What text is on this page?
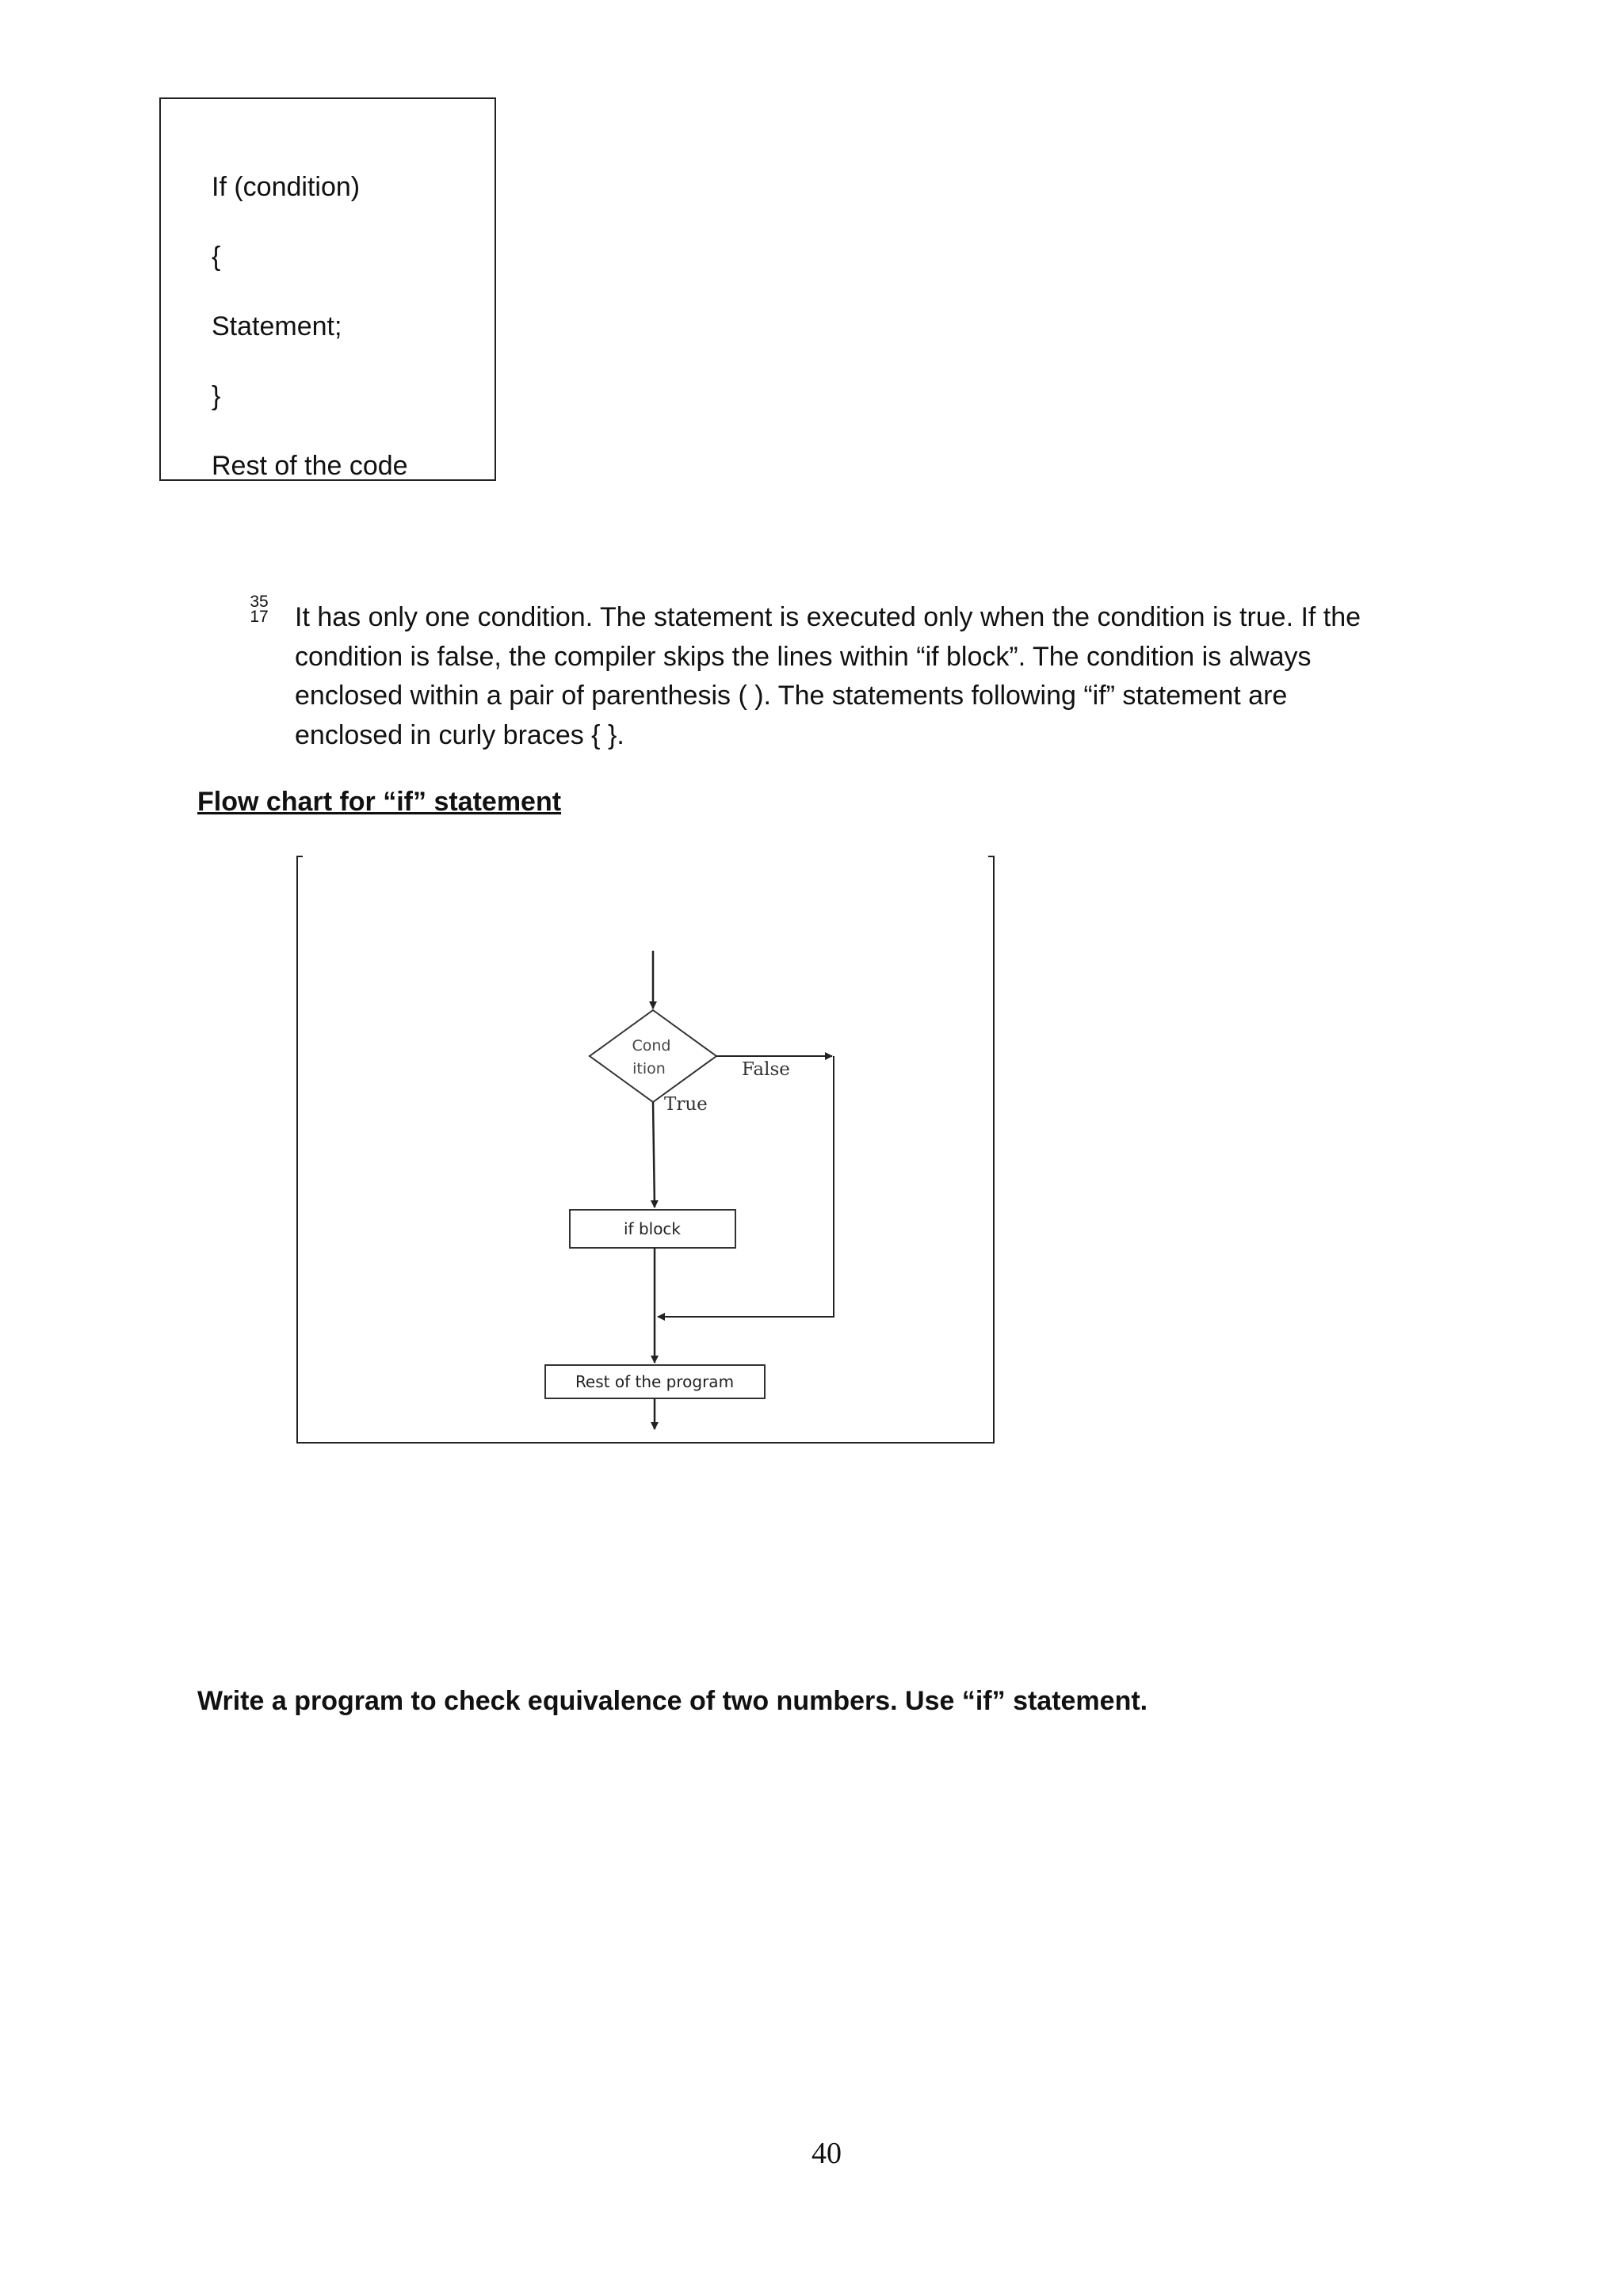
If (condition)
{
Statement;
}
Rest of the code
35
17 It has only one condition. The statement is executed only when the condition is true. If the
condition is false, the compiler skips the lines within “if block”. The condition is always
enclosed within a pair of parenthesis ( ). The statements following “if” statement are
enclosed in curly braces { }.
Flow chart for “if” statement
Cond
ition	False
True
if block
Rest of the program
Write a program to check equivalence of two numbers. Use “if” statement.
40
